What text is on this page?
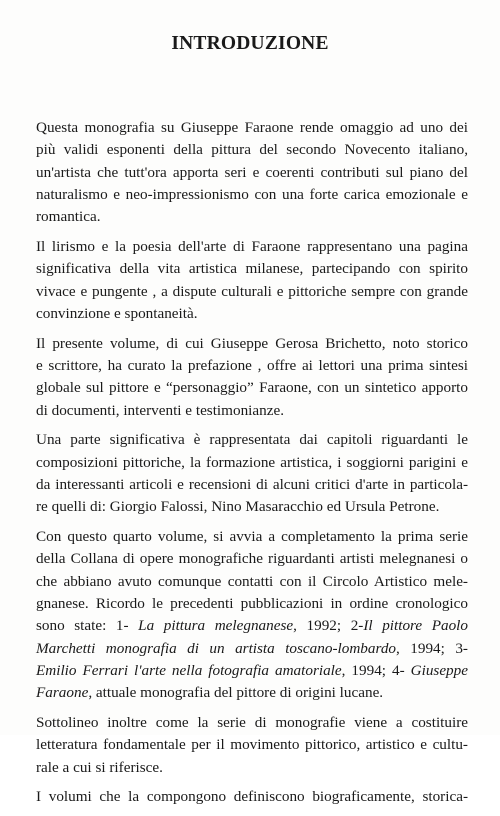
INTRODUZIONE

Questa monografia su Giuseppe Faraone rende omaggio ad uno dei
più validi esponenti della pittura del secondo Novecento italiano,
un'artista che tutt'ora apporta seri e coerenti contributi sul piano del
naturalismo e neo-impressionismo con una forte carica emozionale e
romantica.

Il lirismo e la poesia dell'arte di Faraone rappresentano una pagina
significativa della vita artistica milanese, partecipando con spirito
vivace e pungente , a dispute culturali e pittoriche sempre con grande
convinzione e spontaneità.

Il presente volume, di cui Giuseppe Gerosa Brichetto, noto storico
e scrittore, ha curato la prefazione , offre ai lettori una prima sintesi
globale sul pittore e “personaggio” Faraone, con un sintetico apporto
di documenti, interventi e testimonianze.

Una parte significativa è rappresentata dai capitoli riguardanti le
composizioni pittoriche, la formazione artistica, i soggiorni parigini e
da interessanti articoli e recensioni di alcuni critici d'arte in particola-
re quelli di: Giorgio Falossi, Nino Masaracchio ed Ursula Petrone.

Con questo quarto volume, si avvia a completamento la prima serie
della Collana di opere monografiche riguardanti artisti melegnanesi o
che abbiano avuto comunque contatti con il Circolo Artistico mele-
gnanese. Ricordo le precedenti pubblicazioni in ordine cronologico
sono state: 1- La pittura melegnanese, 1992; 2-Il pittore Paolo
Marchetti monografia di un artista toscano-lombardo, 1994; 3-
Emilio Ferrari l'arte nella fotografia amatoriale, 1994; 4- Giuseppe
Faraone, attuale monografia del pittore di origini lucane.

Sottolineo inoltre come la serie di monografie viene a costituire
letteratura fondamentale per il movimento pittorico, artistico e cultu-
rale a cui si riferisce.

I volumi che la compongono definiscono biograficamente, storica-
